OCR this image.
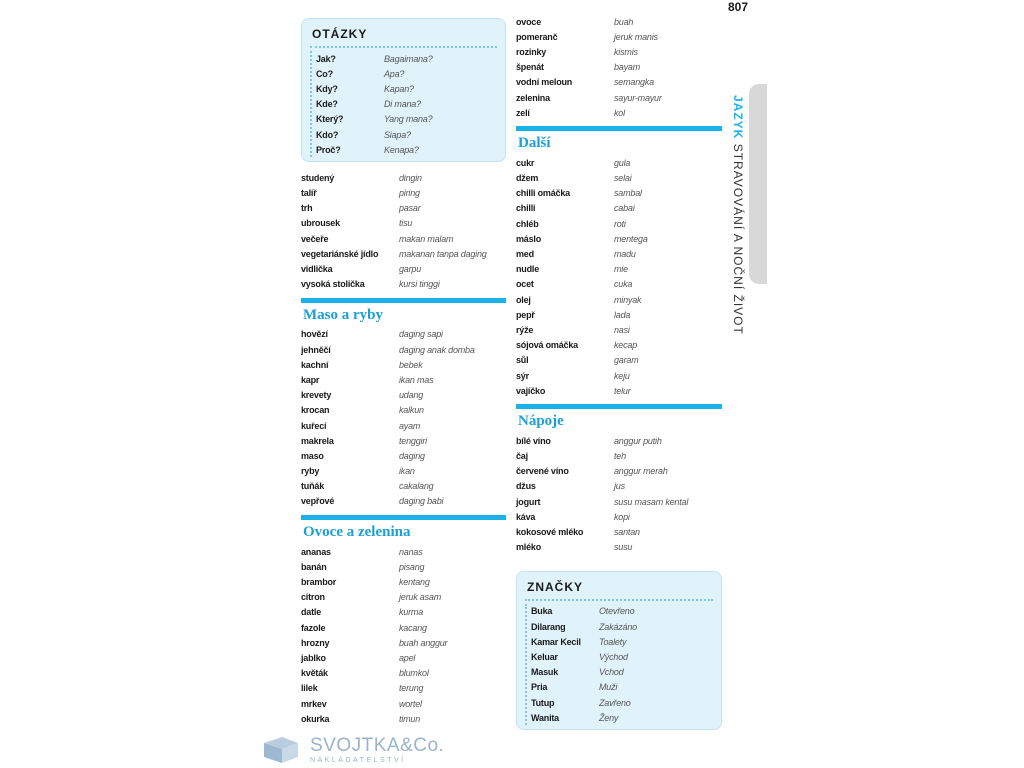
807
JAZYK STRAVOVÁNÍ A NOČNÍ ŽIVOT
OTÁZKY
Jak?	Bagaimana?
Co?	Apa?
Kdy?	Kapan?
Kde?	Di mana?
Který?	Yang mana?
Kdo?	Siapa?
Proč?	Kenapa?
studený	dingin
talíř	piring
trh	pasar
ubrousek	tisu
večeře	makan malam
vegetariánské jídlo	makanan tanpa daging
vidlička	garpu
vysoká stolička	kursi tinggi
Maso a ryby
hovězí	daging sapi
jehněčí	daging anak domba
kachní	bebek
kapr	ikan mas
krevety	udang
krocan	kalkun
kuřecí	ayam
makrela	tenggiri
maso	daging
ryby	ikan
tuňák	cakalang
vepřové	daging babi
Ovoce a zelenina
ananas	nanas
banán	pisang
brambor	kentang
citron	jeruk asam
datle	kurma
fazole	kacang
hrozny	buah anggur
jablko	apel
květák	blumkol
lilek	terung
mrkev	wortel
okurka	timun
ovoce	buah
pomeranč	jeruk manis
rozinky	kismis
špenát	bayam
vodní meloun	semangka
zelenina	sayur-mayur
zelí	kol
Další
cukr	gula
džem	selai
chilli omáčka	sambal
chilli	cabai
chléb	roti
máslo	mentega
med	madu
nudle	mie
ocet	cuka
olej	minyak
pepř	lada
rýže	nasi
sójová omáčka	kecap
sůl	garam
sýr	keju
vajíčko	telur
Nápoje
bílé víno	anggur putih
čaj	teh
červené víno	anggur merah
džus	jus
jogurt	susu masam kental
káva	kopi
kokosové mléko	santan
mléko	susu
ZNAČKY
Buka	Otevřeno
Dilarang	Zakázáno
Kamar Kecil	Toalety
Keluar	Východ
Masuk	Vchod
Pria	Muži
Tutup	Zavřeno
Wanita	Ženy
SVOJTKA&Co.
NAKLADATELSTVÍ
